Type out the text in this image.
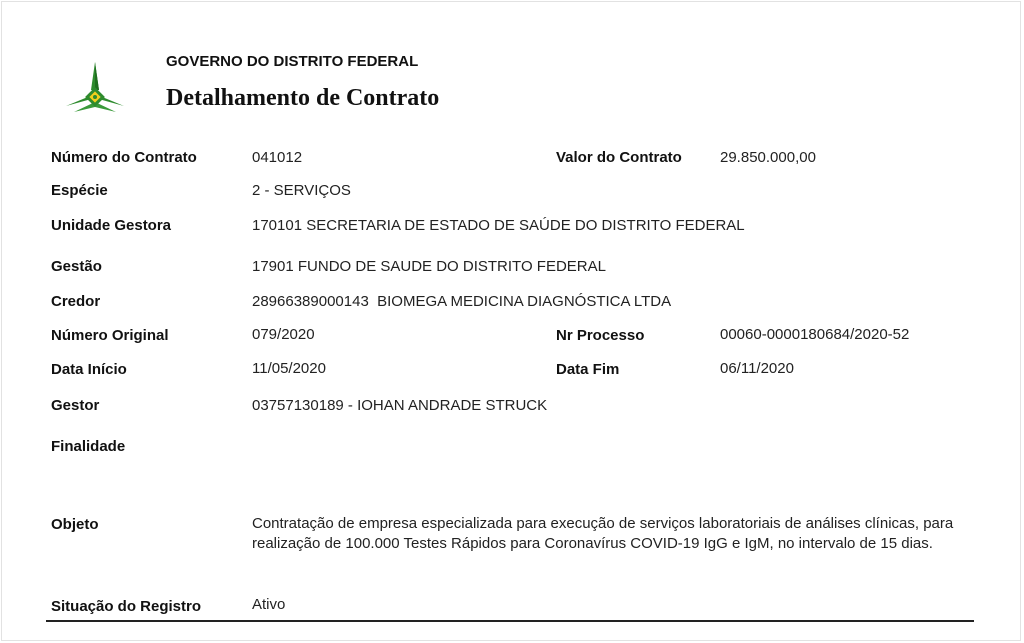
GOVERNO DO DISTRITO FEDERAL
Detalhamento de Contrato
Número do Contrato	041012	Valor do Contrato	29.850.000,00
Espécie	2 - SERVIÇOS
Unidade Gestora	170101 SECRETARIA DE ESTADO DE SAÚDE DO DISTRITO FEDERAL
Gestão	17901 FUNDO DE SAUDE DO DISTRITO FEDERAL
Credor	28966389000143  BIOMEGA MEDICINA DIAGNÓSTICA LTDA
Número Original	079/2020	Nr Processo	00060-0000180684/2020-52
Data Início	11/05/2020	Data Fim	06/11/2020
Gestor	03757130189 - IOHAN ANDRADE STRUCK
Finalidade
Objeto	Contratação de empresa especializada para execução de serviços laboratoriais de análises clínicas, para realização de 100.000 Testes Rápidos para Coronavírus COVID-19 IgG e IgM, no intervalo de 15 dias.
Situação do Registro	Ativo
